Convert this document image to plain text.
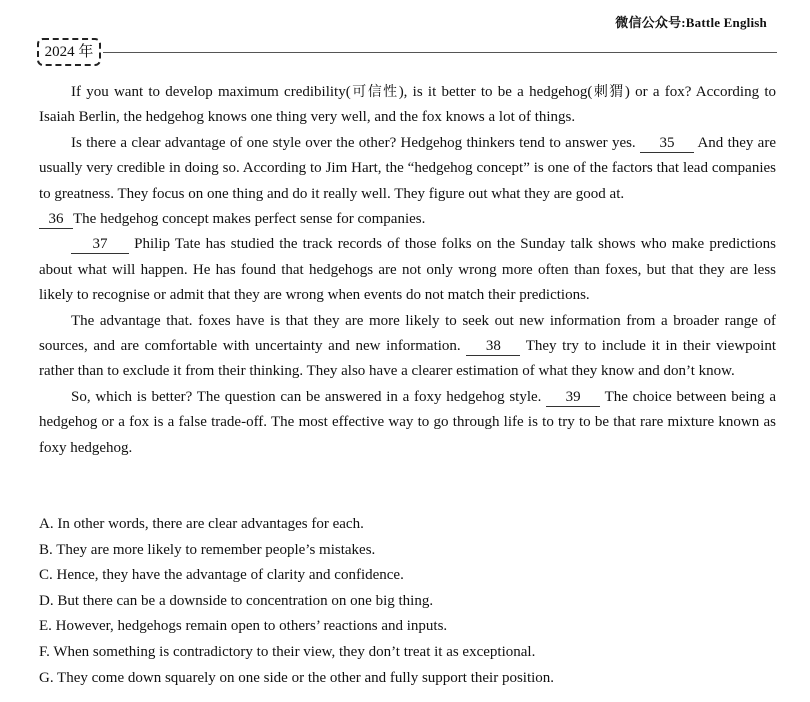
微信公众号:Battle English
2024 年

If you want to develop maximum credibility(可信性), is it better to be a hedgehog(刺猬) or a fox? According to Isaiah Berlin, the hedgehog knows one thing very well, and the fox knows a lot of things.

Is there a clear advantage of one style over the other? Hedgehog thinkers tend to answer yes. 35 And they are usually very credible in doing so. According to Jim Hart, the “hedgehog concept” is one of the factors that lead companies to greatness. They focus on one thing and do it really well. They figure out what they are good at.

36 The hedgehog concept makes perfect sense for companies.

37 Philip Tate has studied the track records of those folks on the Sunday talk shows who make predictions about what will happen. He has found that hedgehogs are not only wrong more often than foxes, but that they are less likely to recognise or admit that they are wrong when events do not match their predictions.

The advantage that. foxes have is that they are more likely to seek out new information from a broader range of sources, and are comfortable with uncertainty and new information. 38 They try to include it in their viewpoint rather than to exclude it from their thinking. They also have a clearer estimation of what they know and don’t know.

So, which is better? The question can be answered in a foxy hedgehog style. 39 The choice between being a hedgehog or a fox is a false trade-off. The most effective way to go through life is to try to be that rare mixture known as foxy hedgehog.

A. In other words, there are clear advantages for each.
B. They are more likely to remember people’s mistakes.
C. Hence, they have the advantage of clarity and confidence.
D. But there can be a downside to concentration on one big thing.
E. However, hedgehogs remain open to others’ reactions and inputs.
F. When something is contradictory to their view, they don’t treat it as exceptional.
G. They come down squarely on one side or the other and fully support their position.
